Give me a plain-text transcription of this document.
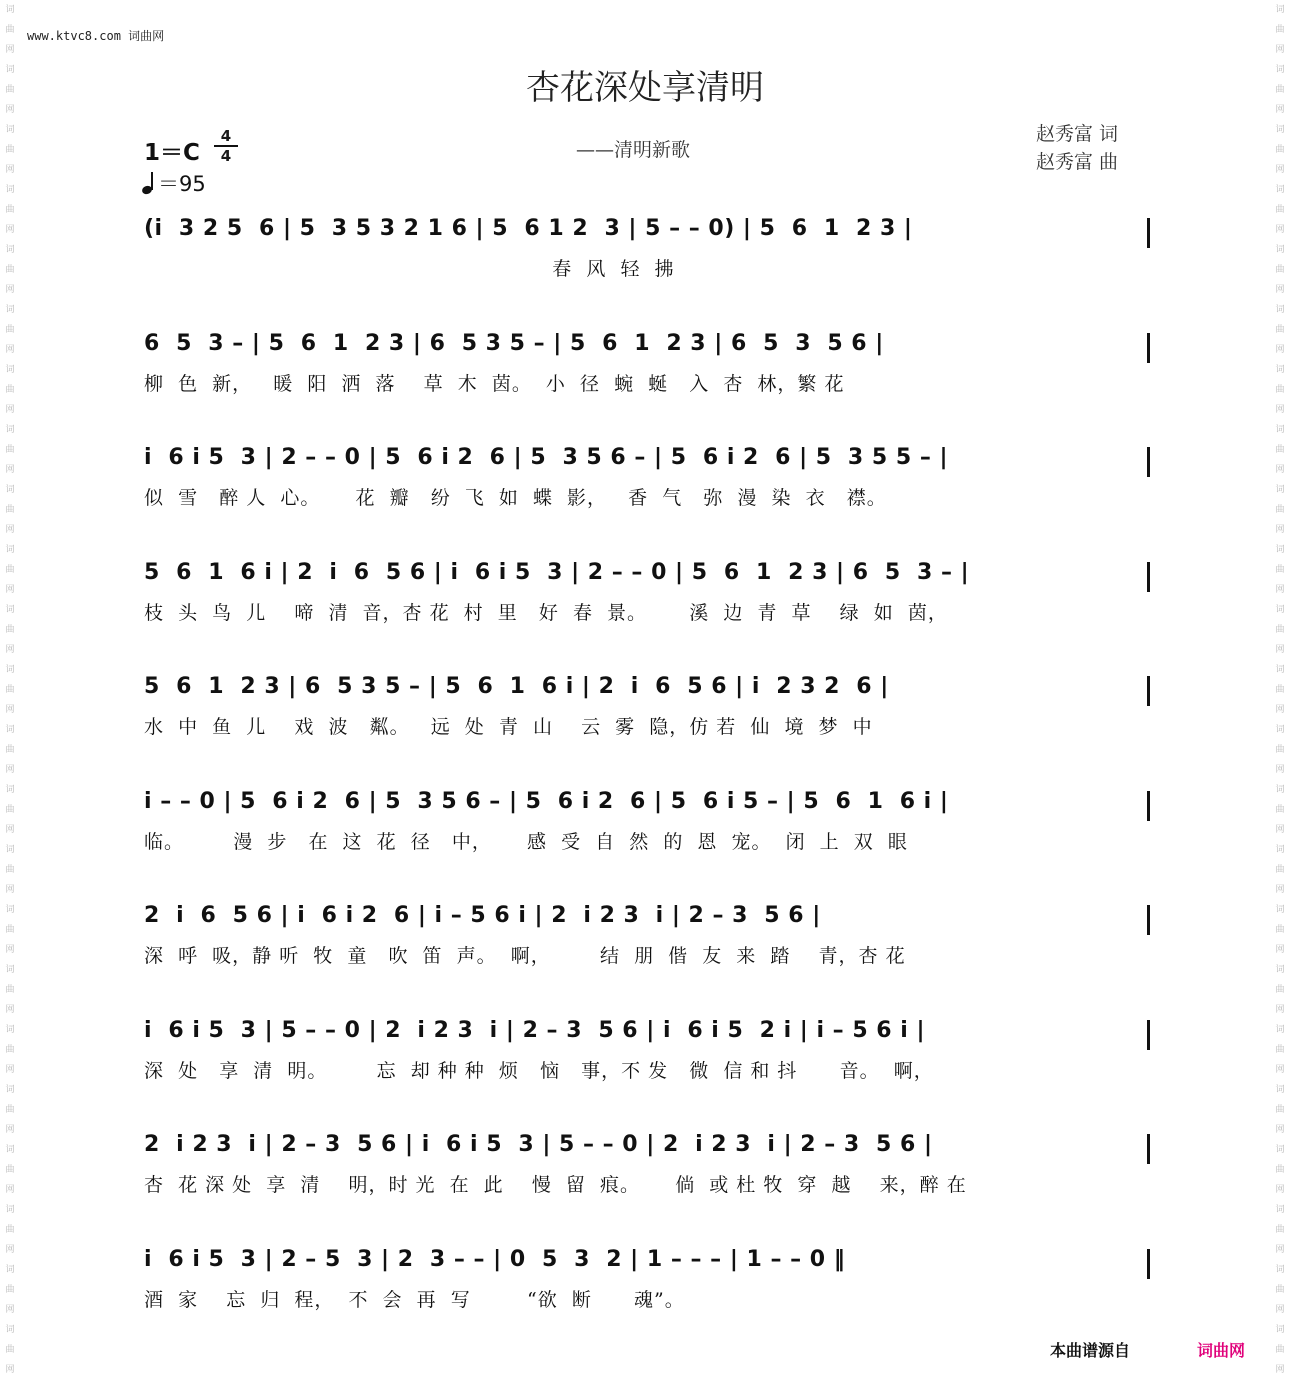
词
曲
网
词
曲
网
词
曲
网
词
曲
网
词
曲
网
词
曲
网
词
曲
网
词
曲
网
词
曲
网
词
曲
网
词
曲
网
词
曲
网
词
曲
网
词
曲
网
词
曲
网
词
曲
网
词
曲
网
词
曲
网
词
曲
网
词
曲
网
词
曲
网
词
曲
网
词
曲
网

词
曲
网
词
曲
网
词
曲
网
词
曲
网
词
曲
网
词
曲
网
词
曲
网
词
曲
网
词
曲
网
词
曲
网
词
曲
网
词
曲
网
词
曲
网
词
曲
网
词
曲
网
词
曲
网
词
曲
网
词
曲
网
词
曲
网
词
曲
网
词
曲
网
词
曲
网
词
曲
网

www.ktvc8.com 词曲网
杏花深处享清明
1＝C
4
4
＝95
——清明新歌
赵秀富 词
赵秀富 曲
(i  3 2 5  6 | 5  3 5 3 2 1 6 | 5  6 1 2  3 | 5 – – 0) | 5  6  1  2 3 |
春  风  轻  拂
6  5  3 – | 5  6  1  2 3 | 6  5 3 5 – | 5  6  1  2 3 | 6  5  3  5 6 |
柳  色  新，   暖  阳  洒  落    草  木  茵。  小  径  蜿  蜒   入  杏  林，繁 花
i  6 i 5  3 | 2 – – 0 | 5  6 i 2  6 | 5  3 5 6 – | 5  6 i 2  6 | 5  3 5 5 – |
似  雪   醉 人  心。     花  瓣   纷  飞  如  蝶  影，   香  气   弥  漫  染  衣   襟。
5  6  1  6 i | 2  i  6  5 6 | i  6 i 5  3 | 2 – – 0 | 5  6  1  2 3 | 6  5  3 – |
枝  头  鸟  儿    啼  清  音，杏 花  村  里   好  春  景。      溪  边  青  草    绿  如  茵，
5  6  1  2 3 | 6  5 3 5 – | 5  6  1  6 i | 2  i  6  5 6 | i  2 3 2  6 |
水  中  鱼  儿    戏  波   粼。   远  处  青  山    云  雾  隐，仿 若  仙  境  梦  中
i – – 0 | 5  6 i 2  6 | 5  3 5 6 – | 5  6 i 2  6 | 5  6 i 5 – | 5  6  1  6 i |
临。       漫  步   在  这  花  径   中，     感  受  自  然  的  恩  宠。  闭  上  双  眼
2  i  6  5 6 | i  6 i 2  6 | i – 5 6 i | 2  i 2 3  i | 2 – 3  5 6 |
深  呼  吸，静 听  牧  童   吹  笛  声。  啊，       结  朋  偕  友  来  踏    青，杏 花
i  6 i 5  3 | 5 – – 0 | 2  i 2 3  i | 2 – 3  5 6 | i  6 i 5  2 i | i – 5 6 i |
深  处   享  清  明。       忘  却 种 种  烦   恼   事，不 发   微  信 和 抖      音。  啊，
2  i 2 3  i | 2 – 3  5 6 | i  6 i 5  3 | 5 – – 0 | 2  i 2 3  i | 2 – 3  5 6 |
杏  花 深 处  享  清    明，时 光  在  此    慢  留  痕。     倘  或 杜 牧  穿  越    来，醉 在
i  6 i 5  3 | 2 – 5  3 | 2  3 – – | 0  5  3  2 | 1 – – – | 1 – – 0 ‖
酒  家    忘  归  程，  不  会  再  写        “欲  断      魂”。
本曲谱源自	词曲网
